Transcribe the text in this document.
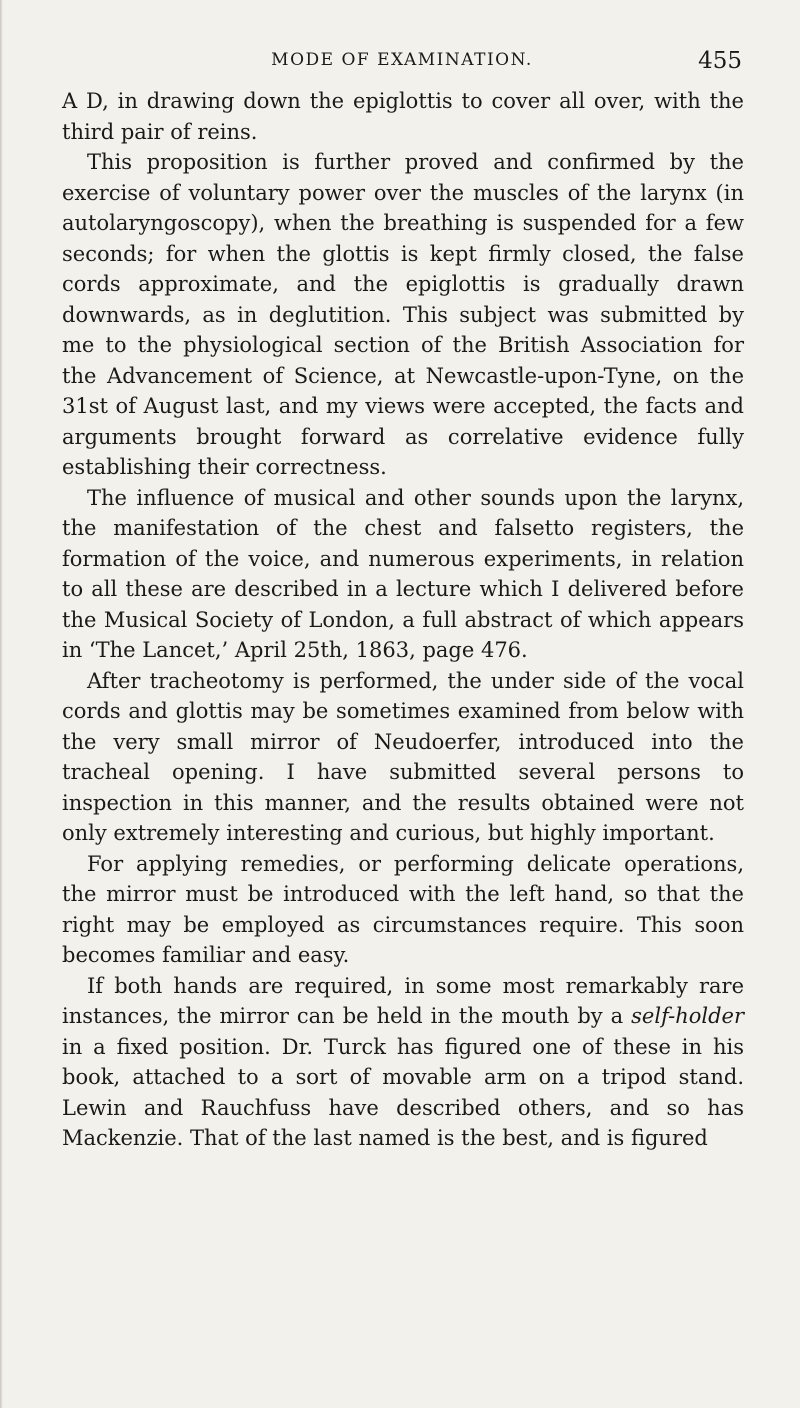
MODE OF EXAMINATION.	455

A D, in drawing down the epiglottis to cover all over, with the third pair of reins.

This proposition is further proved and confirmed by the exercise of voluntary power over the muscles of the larynx (in autolaryngoscopy), when the breathing is suspended for a few seconds; for when the glottis is kept firmly closed, the false cords approximate, and the epiglottis is gradually drawn downwards, as in deglutition. This subject was submitted by me to the physiological section of the British Association for the Advancement of Science, at Newcastle-upon-Tyne, on the 31st of August last, and my views were accepted, the facts and arguments brought forward as correlative evidence fully establishing their correctness.

The influence of musical and other sounds upon the larynx, the manifestation of the chest and falsetto registers, the formation of the voice, and numerous experiments, in relation to all these are described in a lecture which I delivered before the Musical Society of London, a full abstract of which appears in ‘The Lancet,’ April 25th, 1863, page 476.

After tracheotomy is performed, the under side of the vocal cords and glottis may be sometimes examined from below with the very small mirror of Neudoerfer, introduced into the tracheal opening. I have submitted several persons to inspection in this manner, and the results obtained were not only extremely interesting and curious, but highly important.

For applying remedies, or performing delicate operations, the mirror must be introduced with the left hand, so that the right may be employed as circumstances require. This soon becomes familiar and easy.

If both hands are required, in some most remarkably rare instances, the mirror can be held in the mouth by a self-holder in a fixed position. Dr. Turck has figured one of these in his book, attached to a sort of movable arm on a tripod stand. Lewin and Rauchfuss have described others, and so has Mackenzie. That of the last named is the best, and is figured
